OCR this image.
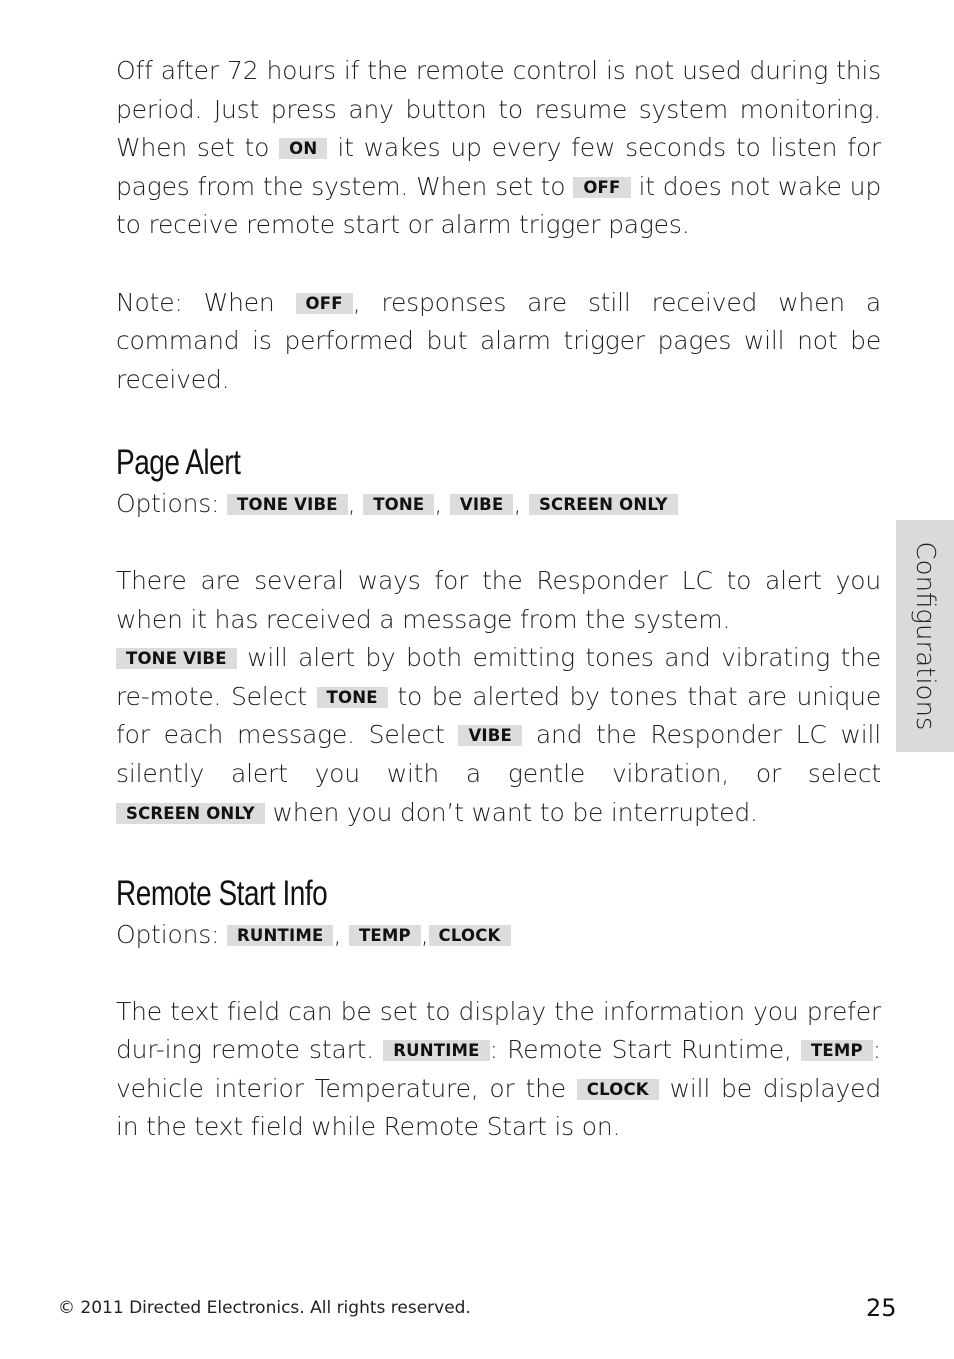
Off after 72 hours if the remote control is not used during this period. Just press any button to resume system monitoring. When set to ON it wakes up every few seconds to listen for pages from the system. When set to OFF it does not wake up to receive remote start or alarm trigger pages.

Note: When OFF , responses are still received when a command is performed but alarm trigger pages will not be received.

Page Alert

Options: TONE VIBE , TONE , VIBE , SCREEN ONLY

There are several ways for the Responder LC to alert you when it has received a message from the system.

TONE VIBE will alert by both emitting tones and vibrating the re-mote. Select TONE to be alerted by tones that are unique for each message. Select VIBE and the Responder LC will silently alert you with a gentle vibration, or select SCREEN ONLY when you don’t want to be interrupted.

Remote Start Info

Options: RUNTIME , TEMP , CLOCK

The text field can be set to display the information you prefer dur-ing remote start. RUNTIME : Remote Start Runtime, TEMP : vehicle interior Temperature, or the CLOCK will be displayed in the text field while Remote Start is on.

Configurations
© 2011 Directed Electronics. All rights reserved.	25
